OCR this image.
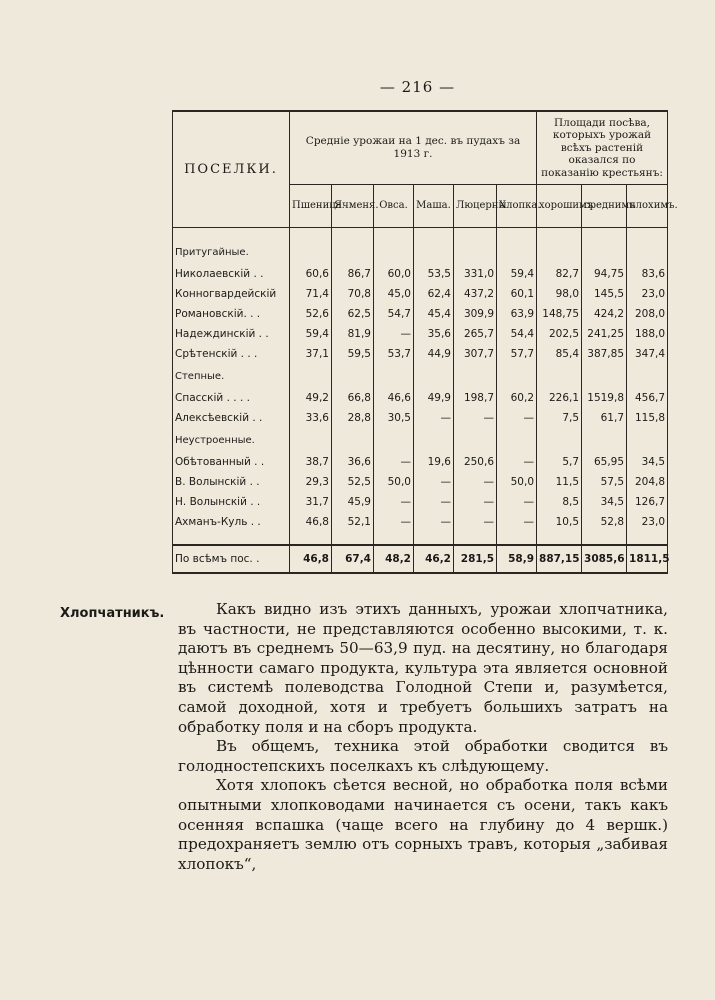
— 216 —
ПОСЕЛКИ.	Средніе урожаи на 1 дес. въ пудахъ за 1913 г.						Площади посѣва, которыхъ урожай всѣхъ растеній оказался по показанію крестьянъ:		
	Пшеница.	Ячменя.	Овса.	Маша.	Люцерны.	Хлопка.	хорошимъ	среднимъ	плохимъ.

Притугайные.									
Николаевскій . .	60,6	86,7	60,0	53,5	331,0	59,4	82,7	94,75	83,6
Конногвардейскій	71,4	70,8	45,0	62,4	437,2	60,1	98,0	145,5	23,0
Романовскій. . .	52,6	62,5	54,7	45,4	309,9	63,9	148,75	424,2	208,0
Надеждинскій . .	59,4	81,9	—	35,6	265,7	54,4	202,5	241,25	188,0
Срѣтенскій . . .	37,1	59,5	53,7	44,9	307,7	57,7	85,4	387,85	347,4
Степные.									
Спасскій . . . .	49,2	66,8	46,6	49,9	198,7	60,2	226,1	1519,8	456,7
Алексѣевскій . .	33,6	28,8	30,5	—	—	—	7,5	61,7	115,8
Неустроенные.									
Обѣтованный . .	38,7	36,6	—	19,6	250,6	—	5,7	65,95	34,5
В. Волынскій . .	29,3	52,5	50,0	—	—	50,0	11,5	57,5	204,8
Н. Волынскій . .	31,7	45,9	—	—	—	—	8,5	34,5	126,7
Ахманъ-Куль . .	46,8	52,1	—	—	—	—	10,5	52,8	23,0

По всѣмъ пос. .	46,8	67,4	48,2	46,2	281,5	58,9	887,15	3085,6	1811,5
Хлопчатникъ.	Какъ видно изъ этихъ данныхъ, урожаи хлопчатника, въ частности, не представляются особенно высокими, т. к. даютъ въ среднемъ 50—63,9 пуд. на десятину, но благодаря цѣнности самаго продукта, культура эта является основной въ системѣ полеводства Голодной Степи и, разумѣется, самой доходной, хотя и требуетъ большихъ затратъ на обработку поля и на сборъ продукта.

Въ общемъ, техника этой обработки сводится въ голодностепскихъ поселкахъ къ слѣдующему.

Хотя хлопокъ сѣется весной, но обработка поля всѣми опытными хлопководами начинается съ осени, такъ какъ осенняя вспашка (чаще всего на глубину до 4 вершк.) предохраняетъ землю отъ сорныхъ травъ, которыя „забивая хлопокъ“,
